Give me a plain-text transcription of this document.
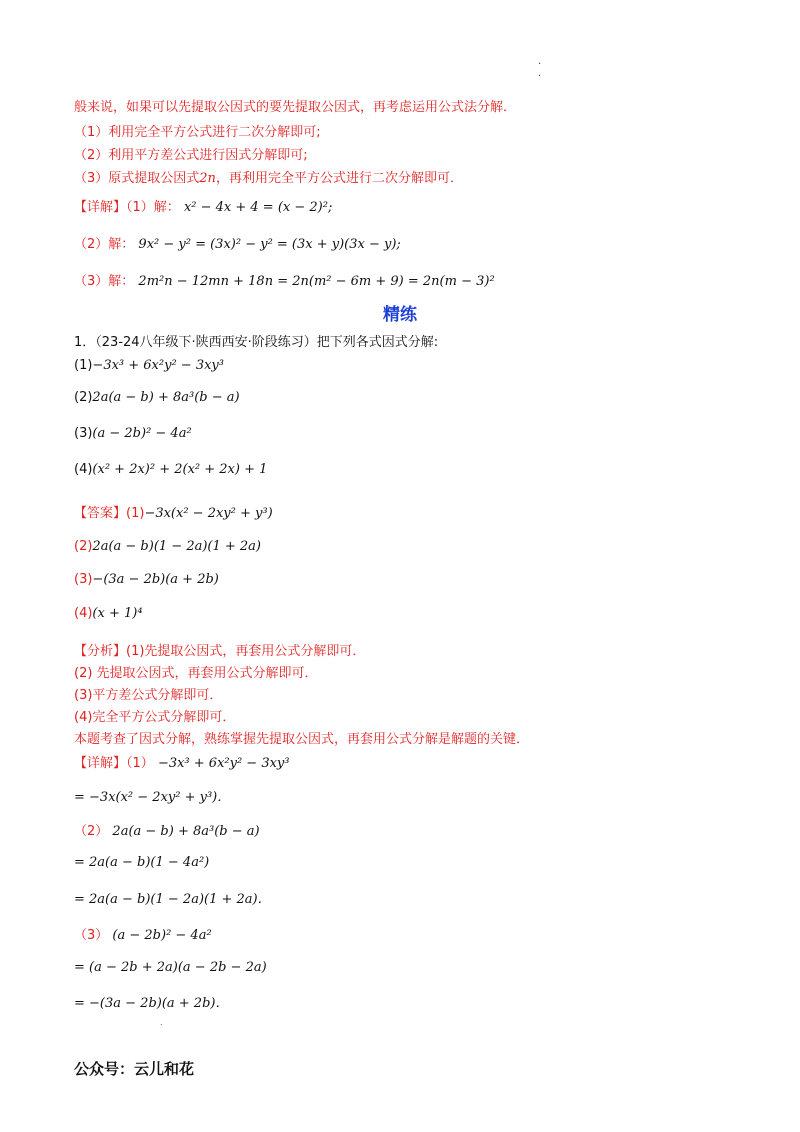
.
.
般来说，如果可以先提取公因式的要先提取公因式，再考虑运用公式法分解．
（1）利用完全平方公式进行二次分解即可;
（2）利用平方差公式进行因式分解即可;
（3）原式提取公因式2n，再利用完全平方公式进行二次分解即可．
【详解】（1）解： x² − 4x + 4 = (x − 2)²;
（2）解： 9x² − y² = (3x)² − y² = (3x + y)(3x − y);
（3）解： 2m²n − 12mn + 18n = 2n(m² − 6m + 9) = 2n(m − 3)²
精练
1．（23-24八年级下·陕西西安·阶段练习）把下列各式因式分解:
(1)−3x³ + 6x²y² − 3xy³
(2)2a(a − b) + 8a³(b − a)
(3)(a − 2b)² − 4a²
(4)(x² + 2x)² + 2(x² + 2x) + 1
【答案】(1)−3x(x² − 2xy² + y³)
(2)2a(a − b)(1 − 2a)(1 + 2a)
(3)−(3a − 2b)(a + 2b)
(4)(x + 1)⁴
【分析】(1)先提取公因式，再套用公式分解即可．
(2) 先提取公因式，再套用公式分解即可．
(3)平方差公式分解即可．
(4)完全平方公式分解即可．
本题考查了因式分解，熟练掌握先提取公因式，再套用公式分解是解题的关键．
【详解】（1） −3x³ + 6x²y² − 3xy³
= −3x(x² − 2xy² + y³)．
（2） 2a(a − b) + 8a³(b − a)
= 2a(a − b)(1 − 4a²)
= 2a(a − b)(1 − 2a)(1 + 2a)．
（3） (a − 2b)² − 4a²
= (a − 2b + 2a)(a − 2b − 2a)
= −(3a − 2b)(a + 2b)．
.
公众号：云儿和花
